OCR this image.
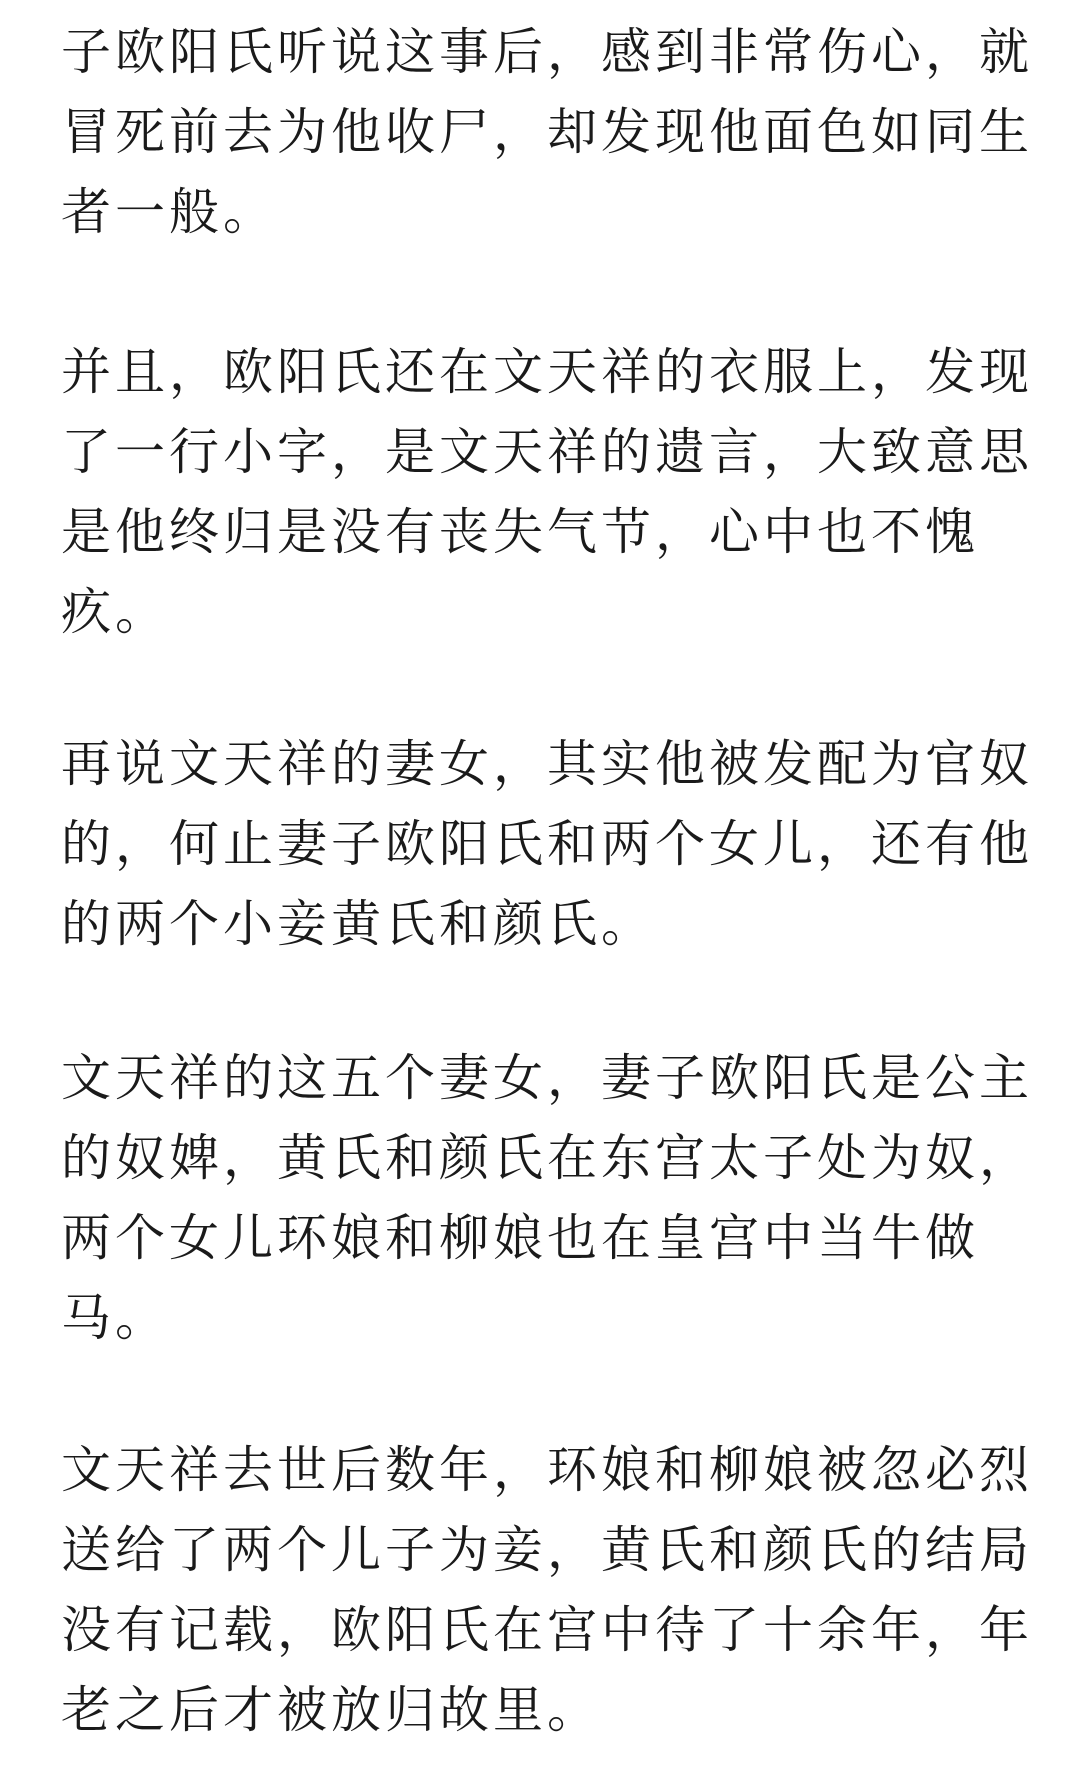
子欧阳氏听说这事后，感到非常伤心，就
冒死前去为他收尸，却发现他面色如同生
者一般。
并且，欧阳氏还在文天祥的衣服上，发现
了一行小字，是文天祥的遗言，大致意思
是他终归是没有丧失气节，心中也不愧
疚。
再说文天祥的妻女，其实他被发配为官奴
的，何止妻子欧阳氏和两个女儿，还有他
的两个小妾黄氏和颜氏。
文天祥的这五个妻女，妻子欧阳氏是公主
的奴婢，黄氏和颜氏在东宫太子处为奴，
两个女儿环娘和柳娘也在皇宫中当牛做
马。
文天祥去世后数年，环娘和柳娘被忽必烈
送给了两个儿子为妾，黄氏和颜氏的结局
没有记载，欧阳氏在宫中待了十余年，年
老之后才被放归故里。
